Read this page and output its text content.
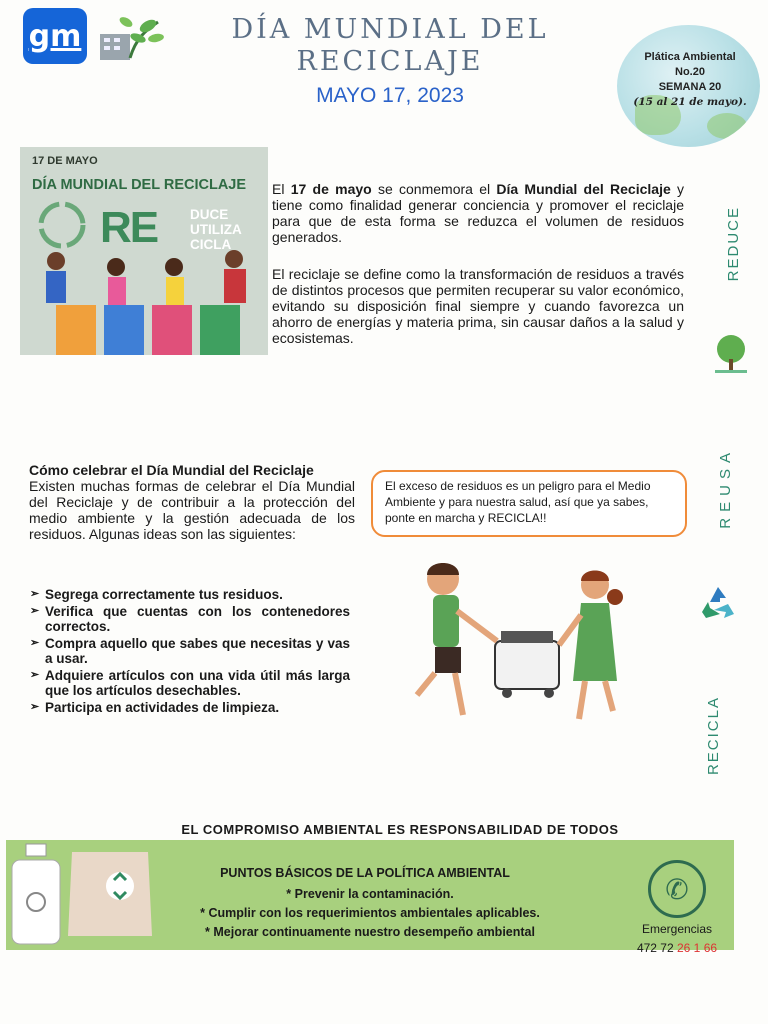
gm	DÍA MUNDIAL DEL
RECICLAJE
MAYO 17, 2023
Plática Ambiental
No.20
SEMANA 20
(15 al 21 de mayo).
17 DE MAYO
DÍA MUNDIAL DEL RECICLAJE
RE DUCE
UTILIZA
CICLA
El 17 de mayo se conmemora el Día Mundial del Reciclaje y tiene como finalidad generar conciencia y promover el reciclaje para que de esta forma se reduzca el volumen de residuos generados.
El reciclaje se define como la transformación de residuos a través de distintos procesos que permiten recuperar su valor económico, evitando su disposición final siempre y cuando favorezca un ahorro de energías y materia prima, sin causar daños a la salud y ecosistemas.
REDUCE
REUSA
RECICLA
Cómo celebrar el Día Mundial del Reciclaje
Existen muchas formas de celebrar el Día Mundial del Reciclaje y de contribuir a la protección del medio ambiente y la gestión adecuada de los residuos. Algunas ideas son las siguientes:
➢ Segrega correctamente tus residuos.
➢ Verifica que cuentas con los contenedores correctos.
➢ Compra aquello que sabes que necesitas y vas a usar.
➢ Adquiere artículos con una vida útil más larga que los artículos desechables.
➢ Participa en actividades de limpieza.
El exceso de residuos es un peligro para el Medio Ambiente y para nuestra salud, así que ya sabes, ponte en marcha y RECICLA!!
EL COMPROMISO AMBIENTAL ES RESPONSABILIDAD DE TODOS
PUNTOS BÁSICOS DE LA POLÍTICA AMBIENTAL
* Prevenir la contaminación.
* Cumplir con los requerimientos ambientales aplicables.
* Mejorar continuamente nuestro desempeño ambiental
✆
Emergencias
472 72 26 1 66
